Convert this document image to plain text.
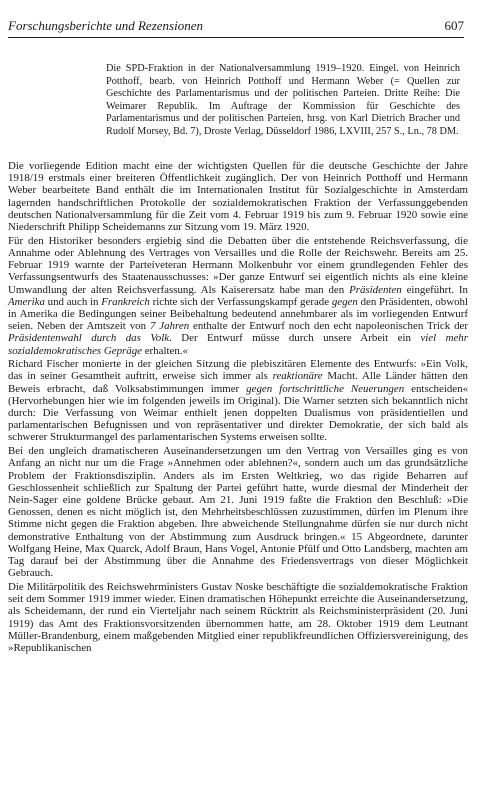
Forschungsberichte und Rezensionen	607
Die SPD-Fraktion in der Nationalversammlung 1919–1920. Eingel. von Heinrich Potthoff, bearb. von Heinrich Potthoff und Hermann Weber (= Quellen zur Geschichte des Parlamentarismus und der politischen Parteien. Dritte Reihe: Die Weimarer Republik. Im Auftrage der Kommission für Geschichte des Parlamentarismus und der politischen Parteien, hrsg. von Karl Dietrich Bracher und Rudolf Morsey, Bd. 7), Droste Verlag, Düsseldorf 1986, LXVIII, 257 S., Ln., 78 DM.

Die vorliegende Edition macht eine der wichtigsten Quellen für die deutsche Geschichte der Jahre 1918/19 erstmals einer breiteren Öffentlichkeit zugänglich. Der von Heinrich Potthoff und Hermann Weber bearbeitete Band enthält die im Internationalen Institut für Sozialgeschichte in Amsterdam lagernden handschriftlichen Protokolle der sozialdemokratischen Fraktion der Verfassunggebenden deutschen Nationalversammlung für die Zeit vom 4. Februar 1919 bis zum 9. Februar 1920 sowie eine Niederschrift Philipp Scheidemanns zur Sitzung vom 19. März 1920.

Für den Historiker besonders ergiebig sind die Debatten über die entstehende Reichsverfassung, die Annahme oder Ablehnung des Vertrages von Versailles und die Rolle der Reichswehr. Bereits am 25. Februar 1919 warnte der Parteiveteran Hermann Molkenbuhr vor einem grundlegenden Fehler des Verfassungsentwurfs des Staatenausschusses: »Der ganze Entwurf sei eigentlich nichts als eine kleine Umwandlung der alten Reichsverfassung. Als Kaiserersatz habe man den Präsidenten eingeführt. In Amerika und auch in Frankreich richte sich der Verfassungskampf gerade gegen den Präsidenten, obwohl in Amerika die Bedingungen seiner Beibehaltung bedeutend annehmbarer als im vorliegenden Entwurf seien. Neben der Amtszeit von 7 Jahren enthalte der Entwurf noch den echt napoleonischen Trick der Präsidentenwahl durch das Volk. Der Entwurf müsse durch unsere Arbeit ein viel mehr sozialdemokratisches Gepräge erhalten.«

Richard Fischer monierte in der gleichen Sitzung die plebiszitären Elemente des Entwurfs: »Ein Volk, das in seiner Gesamtheit auftritt, erweise sich immer als reaktionäre Macht. Alle Länder hätten den Beweis erbracht, daß Volksabstimmungen immer gegen fortschrittliche Neuerungen entscheiden« (Hervorhebungen hier wie im folgenden jeweils im Original). Die Warner setzten sich bekanntlich nicht durch: Die Verfassung von Weimar enthielt jenen doppelten Dualismus von präsidentiellen und parlamentarischen Befugnissen und von repräsentativer und direkter Demokratie, der sich bald als schwerer Strukturmangel des parlamentarischen Systems erweisen sollte.

Bei den ungleich dramatischeren Auseinandersetzungen um den Vertrag von Versailles ging es von Anfang an nicht nur um die Frage »Annehmen oder ablehnen?«, sondern auch um das grundsätzliche Problem der Fraktionsdisziplin. Anders als im Ersten Weltkrieg, wo das rigide Beharren auf Geschlossenheit schließlich zur Spaltung der Partei geführt hatte, wurde diesmal der Minderheit der Nein-Sager eine goldene Brücke gebaut. Am 21. Juni 1919 faßte die Fraktion den Beschluß: »Die Genossen, denen es nicht möglich ist, den Mehrheitsbeschlüssen zuzustimmen, dürfen im Plenum ihre Stimme nicht gegen die Fraktion abgeben. Ihre abweichende Stellungnahme dürfen sie nur durch nicht demonstrative Enthaltung von der Abstimmung zum Ausdruck bringen.« 15 Abgeordnete, darunter Wolfgang Heine, Max Quarck, Adolf Braun, Hans Vogel, Antonie Pfülf und Otto Landsberg, machten am Tag darauf bei der Abstimmung über die Annahme des Friedensvertrags von dieser Möglichkeit Gebrauch.

Die Militärpolitik des Reichswehrministers Gustav Noske beschäftigte die sozialdemokratische Fraktion seit dem Sommer 1919 immer wieder. Einen dramatischen Höhepunkt erreichte die Auseinandersetzung, als Scheidemann, der rund ein Vierteljahr nach seinem Rücktritt als Reichsministerpräsident (20. Juni 1919) das Amt des Fraktionsvorsitzenden übernommen hatte, am 28. Oktober 1919 dem Leutnant Müller-Brandenburg, einem maßgebenden Mitglied einer republikfreundlichen Offiziersvereinigung, des »Republikanischen
